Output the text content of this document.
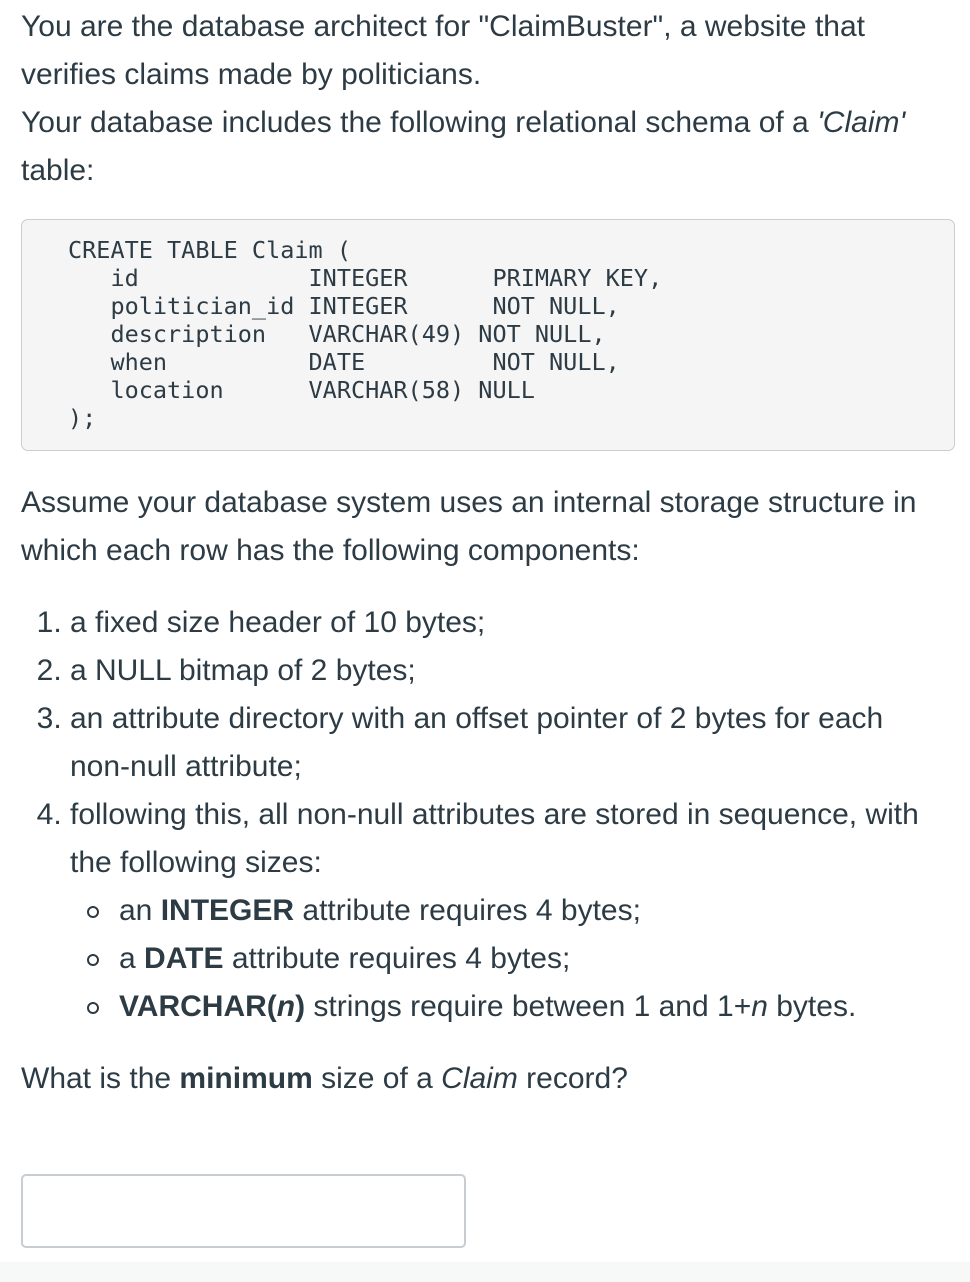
You are the database architect for "ClaimBuster", a website that verifies claims made by politicians.

Your database includes the following relational schema of a 'Claim' table:

CREATE TABLE Claim (
id            INTEGER      PRIMARY KEY,
politician_id INTEGER      NOT NULL,
description   VARCHAR(49) NOT NULL,
when          DATE         NOT NULL,
location      VARCHAR(58) NULL
);

Assume your database system uses an internal storage structure in which each row has the following components:

1. a fixed size header of 10 bytes;
2. a NULL bitmap of 2 bytes;
3. an attribute directory with an offset pointer of 2 bytes for each non-null attribute;
4. following this, all non-null attributes are stored in sequence, with the following sizes:
an INTEGER attribute requires 4 bytes;
a DATE attribute requires 4 bytes;
VARCHAR(n) strings require between 1 and 1+n bytes.

What is the minimum size of a Claim record?
